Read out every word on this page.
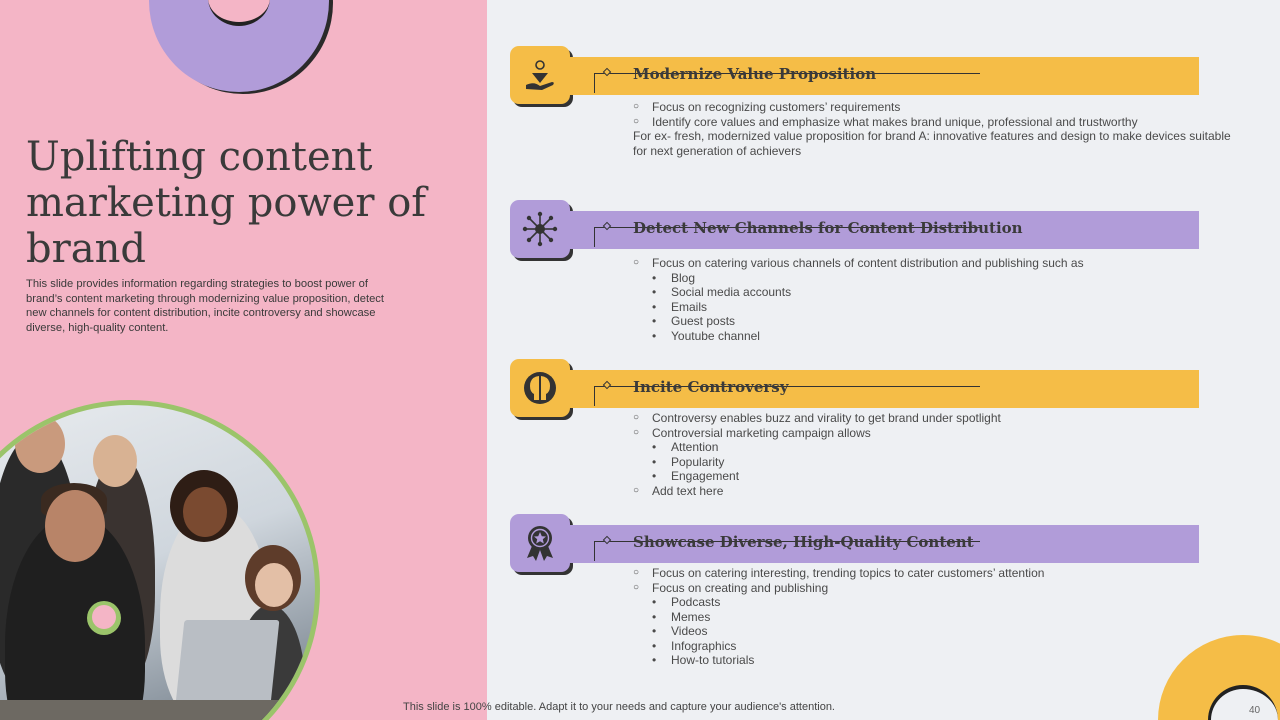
Uplifting content marketing power of brand

This slide provides information regarding strategies to boost power of brand’s content marketing through modernizing value proposition, detect new channels for content distribution, incite controversy and showcase diverse, high-quality content.

Modernize Value Proposition
○	Focus on recognizing customers’ requirements
○	Identify core values and emphasize what makes brand unique, professional and trustworthy
For ex- fresh, modernized value proposition for brand A: innovative features and design to make devices suitable for next generation of achievers
Detect New Channels for Content Distribution
○	Focus on catering various channels of content distribution and publishing such as
•	Blog
•	Social media accounts
•	Emails
•	Guest posts
•	Youtube channel
Incite Controversy
○	Controversy enables buzz and virality to get brand under spotlight
○	Controversial marketing campaign allows
•	Attention
•	Popularity
•	Engagement
○	Add text here
Showcase Diverse, High-Quality Content
○	Focus on catering interesting, trending topics to cater customers’ attention
○	Focus on creating and publishing
•	Podcasts
•	Memes
•	Videos
•	Infographics
•	How-to tutorials
40
This slide is 100% editable. Adapt it to your needs and capture your audience's attention.
